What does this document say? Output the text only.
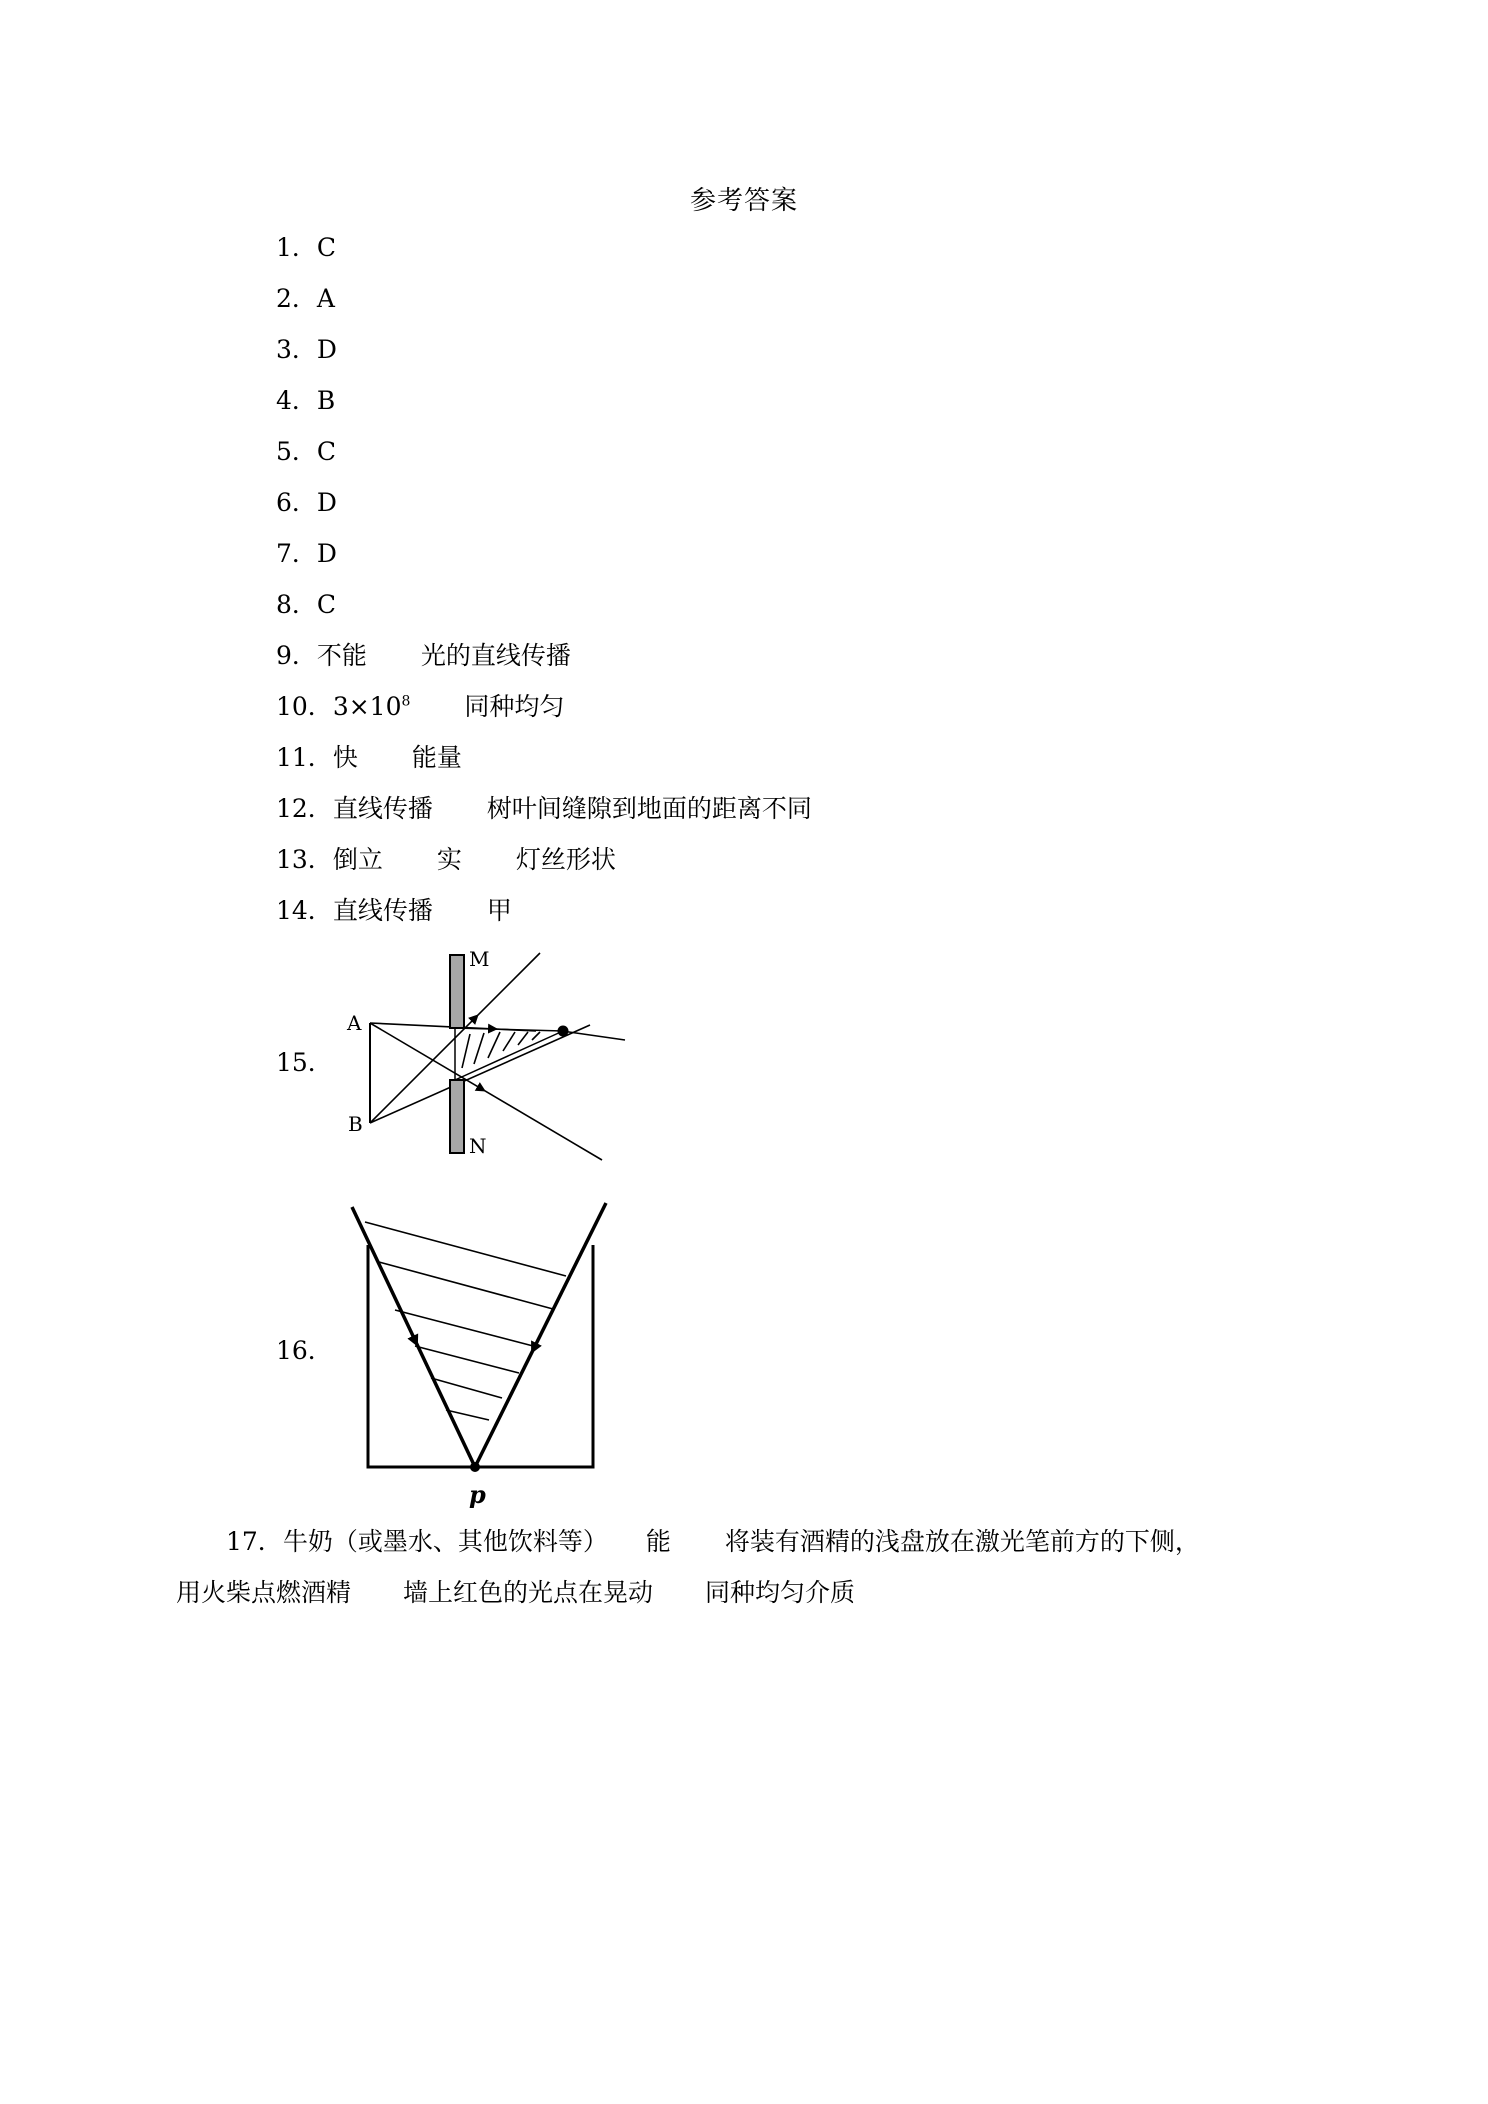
参考答案
1．C
2．A
3．D
4．B
5．C
6．D
7．D
8．C
9．不能 光的直线传播
10．$3\times 10^8$ 同种均匀
11．快 能量
12．直线传播 树叶间缝隙到地面的距离不同
13．倒立 实 灯丝形状
14．直线传播 甲
15．
A
B
M
N
16．
p
17．牛奶（或墨水、其他饮料等） 能 将装有酒精的浅盘放在激光笔前方的下侧，
用火柴点燃酒精 墙上红色的光点在晃动 同种均匀介质
